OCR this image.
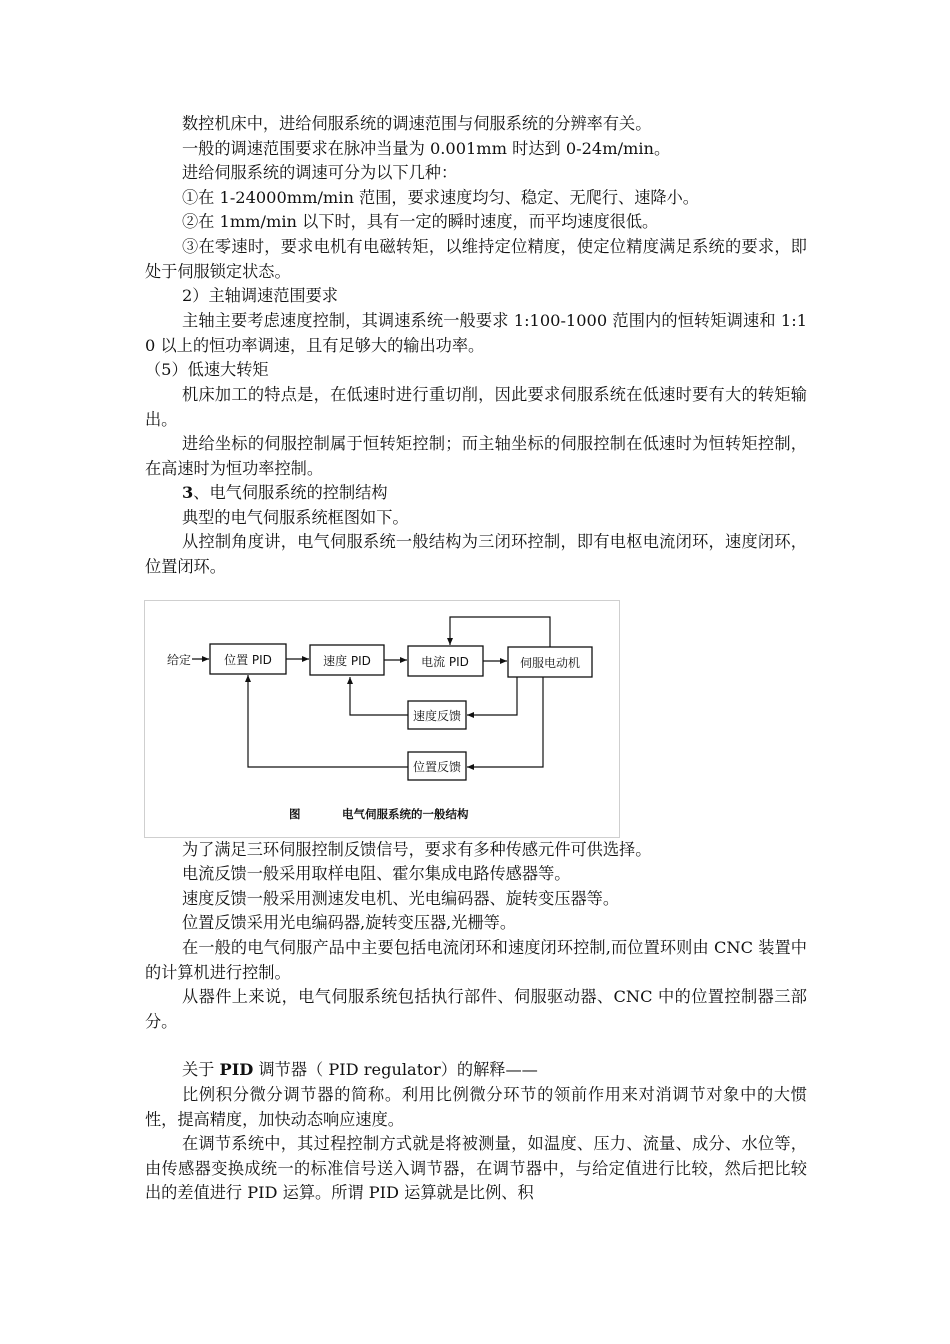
数控机床中，进给伺服系统的调速范围与伺服系统的分辨率有关。

一般的调速范围要求在脉冲当量为 0.001mm 时达到 0-24m/min。

进给伺服系统的调速可分为以下几种：

①在 1-24000mm/min 范围，要求速度均匀、稳定、无爬行、速降小。

②在 1mm/min 以下时，具有一定的瞬时速度，而平均速度很低。

③在零速时，要求电机有电磁转矩，以维持定位精度，使定位精度满足系统的要求，即处于伺服锁定状态。

2）主轴调速范围要求

主轴主要考虑速度控制，其调速系统一般要求 1:100-1000 范围内的恒转矩调速和 1:10 以上的恒功率调速，且有足够大的输出功率。

（5）低速大转矩

机床加工的特点是，在低速时进行重切削，因此要求伺服系统在低速时要有大的转矩输出。

进给坐标的伺服控制属于恒转矩控制；而主轴坐标的伺服控制在低速时为恒转矩控制，在高速时为恒功率控制。

3、电气伺服系统的控制结构

典型的电气伺服系统框图如下。

从控制角度讲，电气伺服系统一般结构为三闭环控制，即有电枢电流闭环，速度闭环，位置闭环。

给定	位置 PID	速度 PID	电流 PID	伺服电动机
速度反馈
位置反馈
图	电气伺服系统的一般结构

为了满足三环伺服控制反馈信号，要求有多种传感元件可供选择。

电流反馈一般采用取样电阻、霍尔集成电路传感器等。

速度反馈一般采用测速发电机、光电编码器、旋转变压器等。

位置反馈采用光电编码器,旋转变压器,光栅等。

在一般的电气伺服产品中主要包括电流闭环和速度闭环控制,而位置环则由 CNC 装置中的计算机进行控制。

从器件上来说，电气伺服系统包括执行部件、伺服驱动器、CNC 中的位置控制器三部分。

关于 PID 调节器（ PID regulator）的解释——

比例积分微分调节器的简称。利用比例微分环节的领前作用来对消调节对象中的大惯性，提高精度，加快动态响应速度。

在调节系统中，其过程控制方式就是将被测量，如温度、压力、流量、成分、水位等，由传感器变换成统一的标准信号送入调节器，在调节器中，与给定值进行比较，然后把比较出的差值进行 PID 运算。所谓 PID 运算就是比例、积
